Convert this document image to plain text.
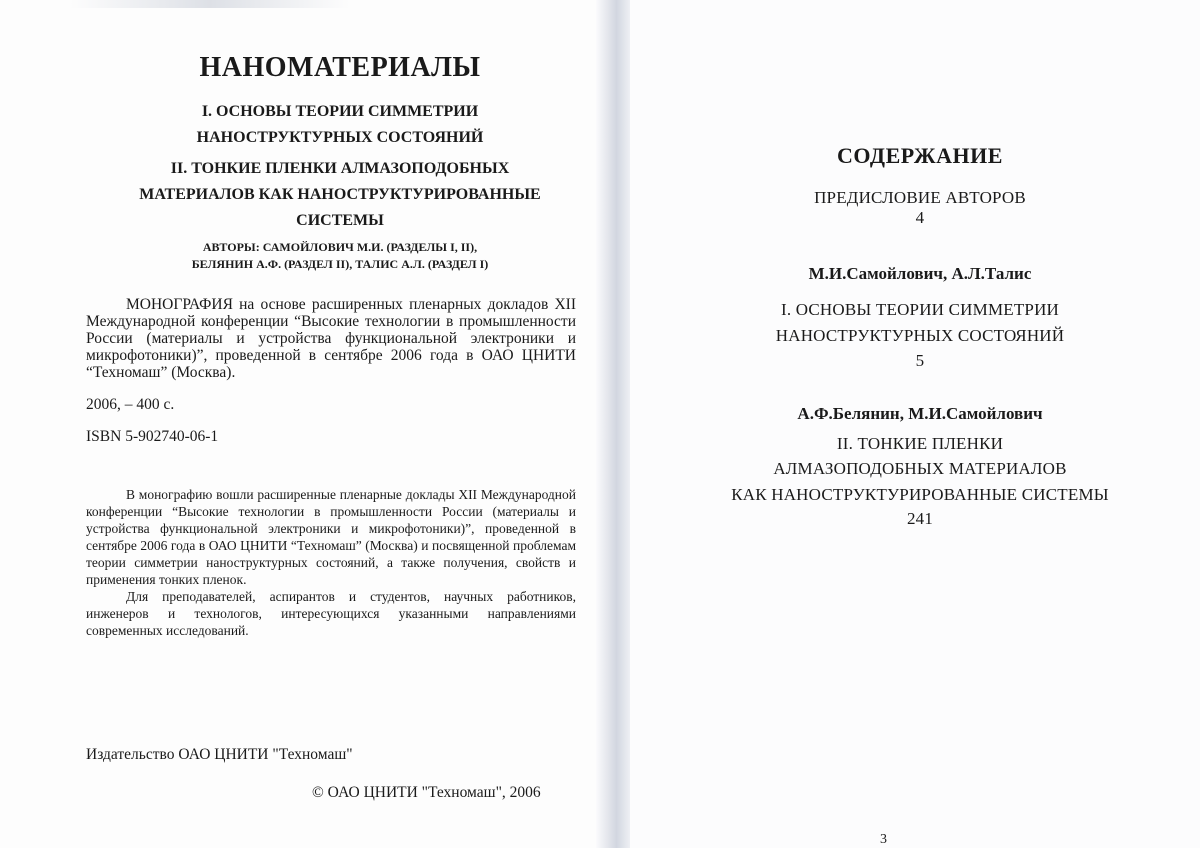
НАНОМАТЕРИАЛЫ
I. ОСНОВЫ ТЕОРИИ СИММЕТРИИ
НАНОСТРУКТУРНЫХ СОСТОЯНИЙ
II. ТОНКИЕ ПЛЕНКИ АЛМАЗОПОДОБНЫХ
МАТЕРИАЛОВ КАК НАНОСТРУКТУРИРОВАННЫЕ
СИСТЕМЫ
АВТОРЫ: САМОЙЛОВИЧ М.И. (РАЗДЕЛЫ I, II),
БЕЛЯНИН А.Ф. (РАЗДЕЛ II), ТАЛИС А.Л. (РАЗДЕЛ I)
МОНОГРАФИЯ на основе расширенных пленарных докладов XII Международной конференции “Высокие технологии в промышленности России (материалы и устройства функциональной электроники и микрофотоники)”, проведенной в сентябре 2006 года в ОАО ЦНИТИ “Техномаш” (Москва).
2006, – 400 с.
ISBN 5-902740-06-1

В монографию вошли расширенные пленарные доклады XII Международной конференции “Высокие технологии в промышленности России (материалы и устройства функциональной электроники и микрофотоники)”, проведенной в сентябре 2006 года в ОАО ЦНИТИ “Техномаш” (Москва) и посвященной проблемам теории симметрии наноструктурных состояний, а также получения, свойств и применения тонких пленок.

Для преподавателей, аспирантов и студентов, научных работников, инженеров и технологов, интересующихся указанными направлениями современных исследований.

Издательство ОАО ЦНИТИ "Техномаш"
© ОАО ЦНИТИ "Техномаш", 2006
СОДЕРЖАНИЕ
ПРЕДИСЛОВИЕ АВТОРОВ
4
М.И.Самойлович, А.Л.Талис
I. ОСНОВЫ ТЕОРИИ СИММЕТРИИ
НАНОСТРУКТУРНЫХ СОСТОЯНИЙ
5
А.Ф.Белянин, М.И.Самойлович
II. ТОНКИЕ ПЛЕНКИ
АЛМАЗОПОДОБНЫХ МАТЕРИАЛОВ
КАК НАНОСТРУКТУРИРОВАННЫЕ СИСТЕМЫ
241
3
